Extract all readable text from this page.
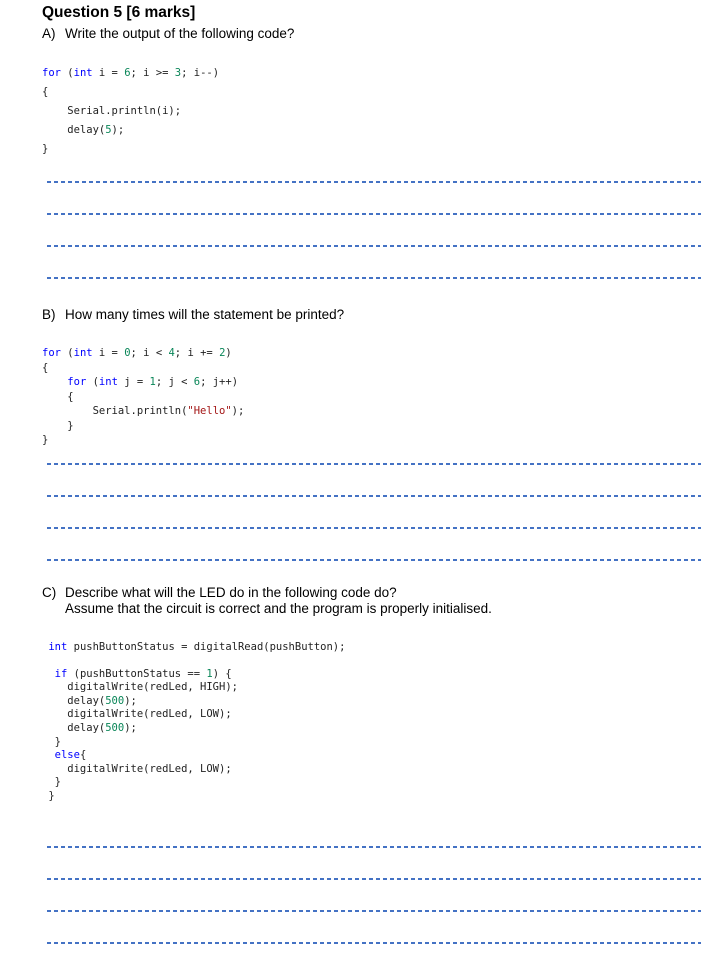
Question 5 [6 marks]
A) Write the output of the following code?
for (int i = 6; i >= 3; i--)
{
Serial.println(i);
delay(5);
}
B) How many times will the statement be printed?
for (int i = 0; i < 4; i += 2)
{
for (int j = 1; j < 6; j++)
{
Serial.println("Hello");
}
}
C) Describe what will the LED do in the following code do?
Assume that the circuit is correct and the program is properly initialised.
int pushButtonStatus = digitalRead(pushButton);

if (pushButtonStatus == 1) {
digitalWrite(redLed, HIGH);
delay(500);
digitalWrite(redLed, LOW);
delay(500);
}
else{
digitalWrite(redLed, LOW);
}
}
